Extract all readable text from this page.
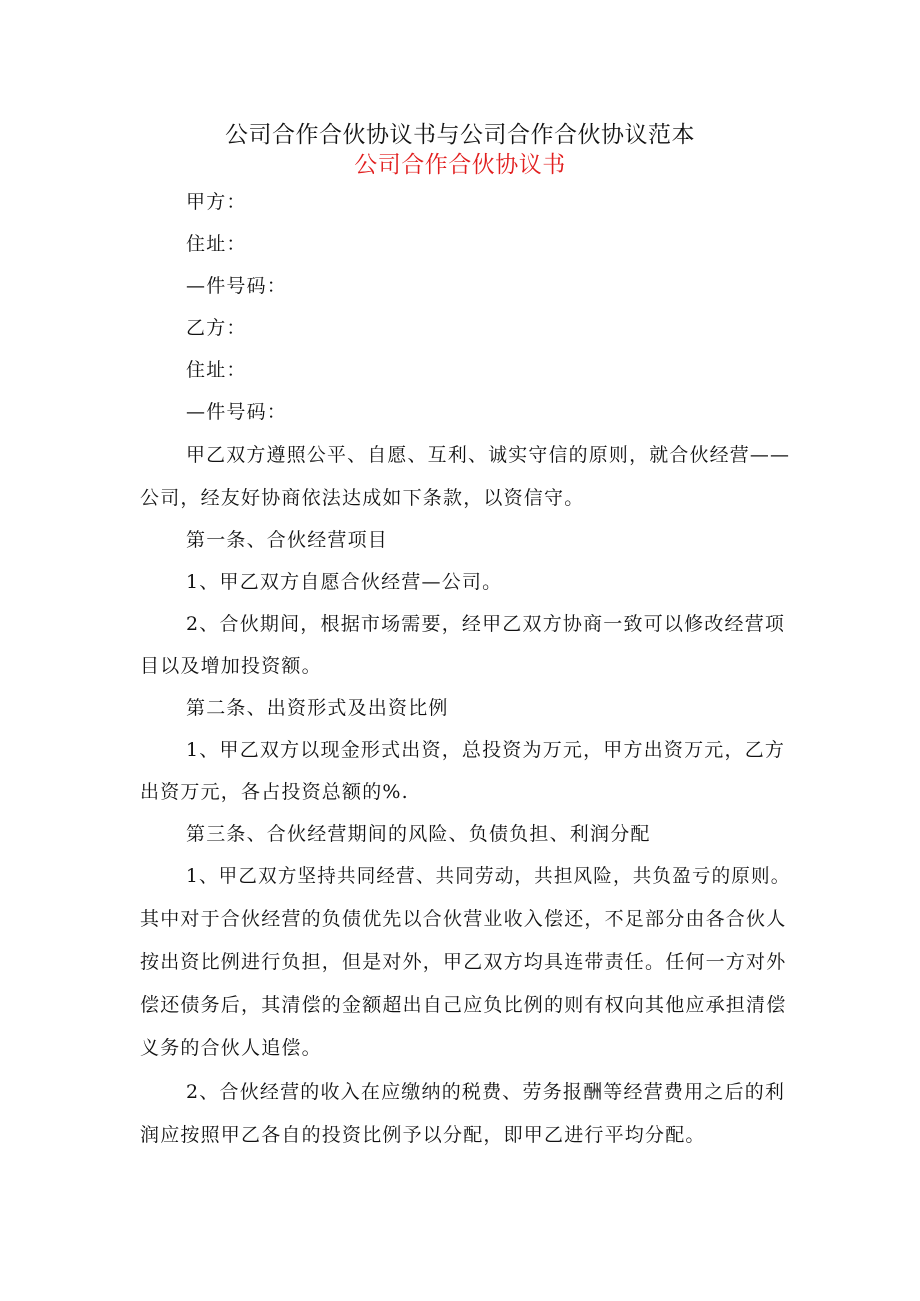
公司合作合伙协议书与公司合作合伙协议范本
公司合作合伙协议书
甲方：
住址：
—件号码：
乙方：
住址：
—件号码：
甲乙双方遵照公平、自愿、互利、诚实守信的原则，就合伙经营——
公司，经友好协商依法达成如下条款，以资信守。
第一条、合伙经营项目
1、甲乙双方自愿合伙经营—公司。
2、合伙期间，根据市场需要，经甲乙双方协商一致可以修改经营项
目以及增加投资额。
第二条、出资形式及出资比例
1、甲乙双方以现金形式出资，总投资为万元，甲方出资万元，乙方
出资万元，各占投资总额的%.
第三条、合伙经营期间的风险、负债负担、利润分配
1、甲乙双方坚持共同经营、共同劳动，共担风险，共负盈亏的原则。
其中对于合伙经营的负债优先以合伙营业收入偿还，不足部分由各合伙人
按出资比例进行负担，但是对外，甲乙双方均具连带责任。任何一方对外
偿还债务后，其清偿的金额超出自己应负比例的则有权向其他应承担清偿
义务的合伙人追偿。
2、合伙经营的收入在应缴纳的税费、劳务报酬等经营费用之后的利
润应按照甲乙各自的投资比例予以分配，即甲乙进行平均分配。
